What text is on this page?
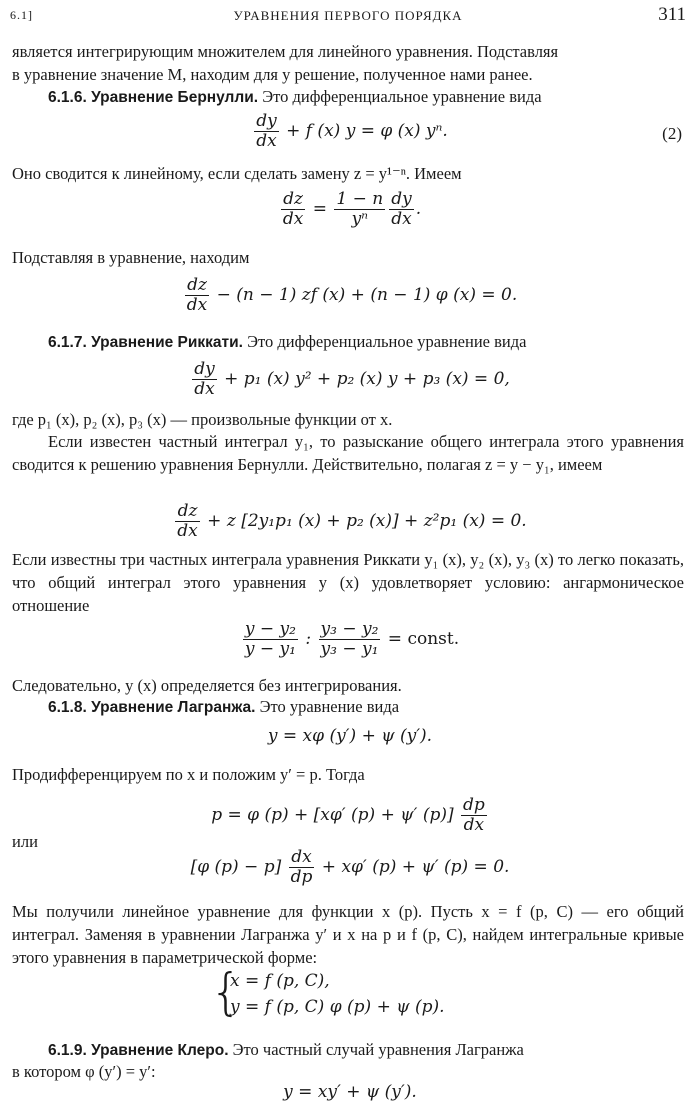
6.1]	УРАВНЕНИЯ ПЕРВОГО ПОРЯДКА	311
является интегрирующим множителем для линейного уравнения. Подставляя
в уравнение значение M, находим для y решение, полученное нами ранее.
6.1.6. Уравнение Бернулли. Это дифференциальное уравнение вида
$\frac{dy}{dx} + f$ (x) y = φ (x) yⁿ.	(2)
Оно сводится к линейному, если сделать замену z = y¹⁻ⁿ. Имеем
$\frac{dz}{dx} = \frac{1 - n}{\text{yⁿ}} \frac{dy}{dx}$ .
Подставляя в уравнение, находим
$\frac{dz}{dx} - (n - 1)$ zf (x) + (n − 1) φ (x) = 0.
6.1.7. Уравнение Риккати. Это дифференциальное уравнение вида
$\frac{dy}{dx} + p_1$ (x) y² + p₂ (x) y + p₃ (x) = 0,
где p₁ (x), p₂ (x), p₃ (x) — произвольные функции от x.
Если известен частный интеграл y₁, то разыскание общего интеграла этого уравнения сводится к решению уравнения Бернулли. Действительно, полагая z = y − y₁, имеем
$\frac{dz}{dx} + z$ [2y₁p₁ (x) + p₂ (x)] + z²p₁ (x) = 0.
Если известны три частных интеграла уравнения Риккати y₁ (x), y₂ (x), y₃ (x) то легко показать, что общий интеграл этого уравнения y (x) удовлетворяет условию: ангармоническое отношение
$\frac{\text{y − y₂}}{\text{y − y₁}}$ : $\frac{\text{y₃ − y₂}}{\text{y₃ − y₁}}$ = const.
Следовательно, y (x) определяется без интегрирования.
6.1.8. Уравнение Лагранжа. Это уравнение вида
y = xφ (y′) + ψ (y′).
Продифференцируем по x и положим y′ = p. Тогда
p = φ (p) + [xφ′ (p) + ψ′ $(p)] \frac{dp}{dx}$
или
[φ $(p) - p] \frac{dx}{dp} + x\varphi'$ (p) + ψ′ (p) = 0.
Мы получили линейное уравнение для функции x (p). Пусть x = f (p, C) — его общий интеграл. Заменяя в уравнении Лагранжа y′ и x на p и f (p, C), найдем интегральные кривые этого уравнения в параметрической форме:
{
x = f (p, C),
y = f (p, C) φ (p) + ψ (p).
6.1.9. Уравнение Клеро. Это частный случай уравнения Лагранжа
в котором φ (y′) = y′:
y = xy′ + ψ (y′).
